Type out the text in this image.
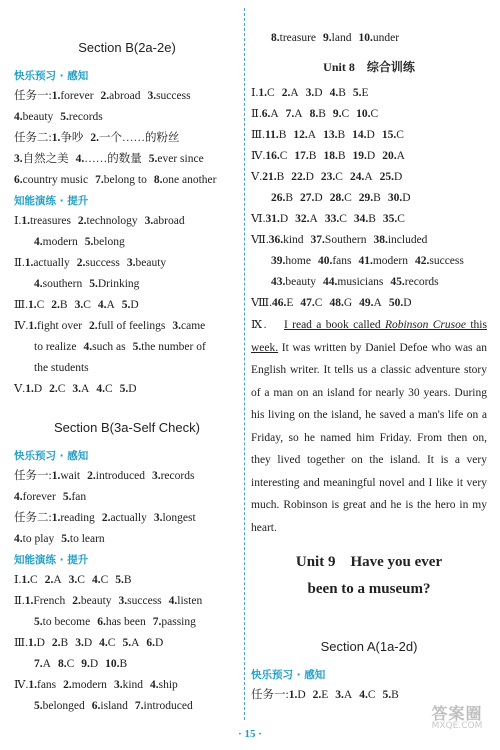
Section B(2a-2e)
快乐预习 · 感知
任务一:1.forever 2.abroad 3.success
4.beauty 5.records
任务二:1.争吵 2.一个……的粉丝
3.自然之美 4.……的数量 5.ever since
6.country music 7.belong to 8.one another
知能演练 · 提升
Ⅰ.1.treasures 2.technology 3.abroad
4.modern 5.belong
Ⅱ.1.actually 2.success 3.beauty
4.southern 5.Drinking
Ⅲ.1.C 2.B 3.C 4.A 5.D
Ⅳ.1.fight over 2.full of feelings 3.came
to realize 4.such as 5.the number of
the students
Ⅴ.1.D 2.C 3.A 4.C 5.D
Section B(3a-Self Check)
快乐预习 · 感知
任务一:1.wait 2.introduced 3.records
4.forever 5.fan
任务二:1.reading 2.actually 3.longest
4.to play 5.to learn
知能演练 · 提升
Ⅰ.1.C 2.A 3.C 4.C 5.B
Ⅱ.1.French 2.beauty 3.success 4.listen
5.to become 6.has been 7.passing
Ⅲ.1.D 2.B 3.D 4.C 5.A 6.D
7.A 8.C 9.D 10.B
Ⅳ.1.fans 2.modern 3.kind 4.ship
5.belonged 6.island 7.introduced
8.treasure 9.land 10.under
Unit 8　综合训练
Ⅰ.1.C 2.A 3.D 4.B 5.E
Ⅱ.6.A 7.A 8.B 9.C 10.C
Ⅲ.11.B 12.A 13.B 14.D 15.C
Ⅳ.16.C 17.B 18.B 19.D 20.A
Ⅴ.21.B 22.D 23.C 24.A 25.D
26.B 27.D 28.C 29.B 30.D
Ⅵ.31.D 32.A 33.C 34.B 35.C
Ⅶ.36.kind 37.Southern 38.included
39.home 40.fans 41.modern 42.success
43.beauty 44.musicians 45.records
Ⅷ.46.E 47.C 48.G 49.A 50.D
Ⅸ. I read a book called Robinson Crusoe this week. It was written by Daniel Defoe who was an English writer. It tells us a classic adventure story of a man on an island for nearly 30 years. During his living on the island, he saved a man's life on a Friday, so he named him Friday. From then on, they lived together on the island. It is a very interesting and meaningful novel and I like it very much. Robinson is great and he is the hero in my heart.
Unit 9　Have you ever
been to a museum?
Section A(1a-2d)
快乐预习 · 感知
任务一:1.D 2.E 3.A 4.C 5.B
· 15 ·
答案圈
MXQE.COM
